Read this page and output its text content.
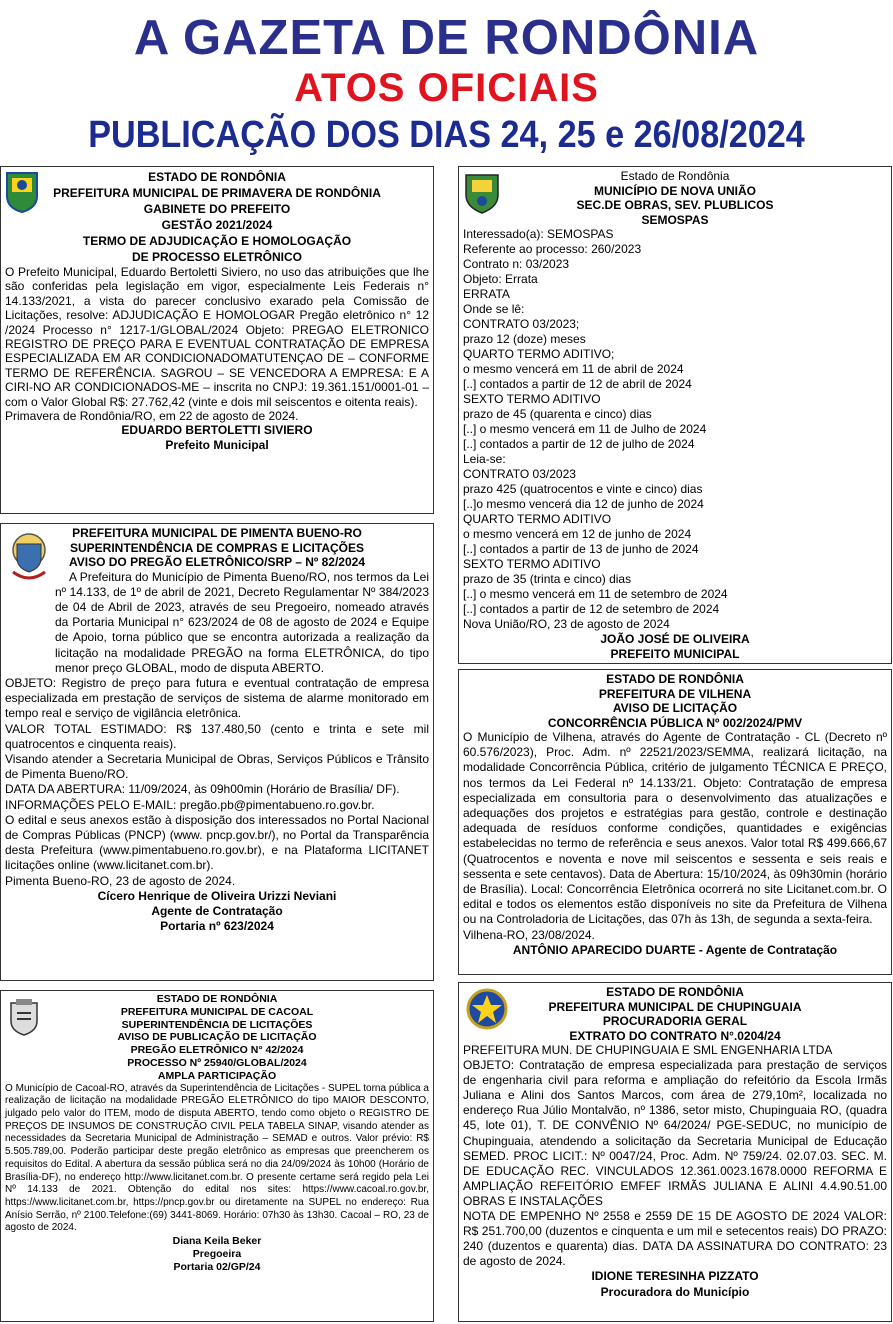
A GAZETA DE RONDÔNIA
ATOS OFICIAIS
PUBLICAÇÃO DOS DIAS 24, 25 e 26/08/2024
ESTADO DE RONDÔNIA
PREFEITURA MUNICIPAL DE PRIMAVERA DE RONDÔNIA
GABINETE DO PREFEITO
GESTÃO 2021/2024
TERMO DE ADJUDICAÇÃO E HOMOLOGAÇÃO
DE PROCESSO ELETRÔNICO

O Prefeito Municipal, Eduardo Bertoletti Siviero, no uso das atribuições que lhe são conferidas pela legislação em vigor, especialmente Leis Federais n° 14.133/2021, a vista do parecer conclusivo exarado pela Comissão de Licitações, resolve: ADJUDICAÇÃO E HOMOLOGAR Pregão eletrônico n° 12 /2024 Processo n° 1217-1/GLOBAL/2024 Objeto: PREGAO ELETRONICO REGISTRO DE PREÇO PARA E EVENTUAL CONTRATAÇÃO DE EMPRESA ESPECIALIZADA EM AR CONDICIONADOMATUTENÇAO DE – CONFORME TERMO DE REFERÊNCIA. SAGROU – SE VENCEDORA A EMPRESA: E A CIRI-NO AR CONDICIONADOS-ME – inscrita no CNPJ: 19.361.151/0001-01 – com o Valor Global R$: 27.762,42 (vinte e dois mil seiscentos e oitenta reais).

Primavera de Rondônia/RO, em 22 de agosto de 2024.

EDUARDO BERTOLETTI SIVIERO
Prefeito Municipal
PREFEITURA MUNICIPAL DE PIMENTA BUENO-RO
SUPERINTENDÊNCIA DE COMPRAS E LICITAÇÕES
AVISO DO PREGÃO ELETRÔNICO/SRP – Nº 82/2024

A Prefeitura do Município de Pimenta Bueno/RO, nos termos da Lei nº 14.133, de 1º de abril de 2021, Decreto Regulamentar Nº 384/2023 de 04 de Abril de 2023, através de seu Pregoeiro, nomeado através da Portaria Municipal n° 623/2024 de 08 de agosto de 2024 e Equipe de Apoio, torna público que se encontra autorizada a realização da licitação na modalidade PREGÃO na forma ELETRÔNICA, do tipo menor preço GLOBAL, modo de disputa ABERTO.

OBJETO: Registro de preço para futura e eventual contratação de empresa especializada em prestação de serviços de sistema de alarme monitorado em tempo real e serviço de vigilância eletrônica.

VALOR TOTAL ESTIMADO: R$ 137.480,50 (cento e trinta e sete mil quatrocentos e cinquenta reais).

Visando atender a Secretaria Municipal de Obras, Serviços Públicos e Trânsito de Pimenta Bueno/RO.

DATA DA ABERTURA: 11/09/2024, às 09h00min (Horário de Brasília/ DF).

INFORMAÇÕES PELO E-MAIL: pregão.pb@pimentabueno.ro.gov.br.

O edital e seus anexos estão à disposição dos interessados no Portal Nacional de Compras Públicas (PNCP) (www. pncp.gov.br/), no Portal da Transparência desta Prefeitura (www.pimentabueno.ro.gov.br), e na Plataforma LICITANET licitações online (www.licitanet.com.br).

Pimenta Bueno-RO, 23 de agosto de 2024.

Cícero Henrique de Oliveira Urizzi Neviani
Agente de Contratação
Portaria nº 623/2024
ESTADO DE RONDÔNIA
PREFEITURA MUNICIPAL DE CACOAL
SUPERINTENDÊNCIA DE LICITAÇÕES
AVISO DE PUBLICAÇÃO DE LICITAÇÃO
PREGÃO ELETRÔNICO N° 42/2024
PROCESSO Nº 25940/GLOBAL/2024
AMPLA PARTICIPAÇÃO

O Município de Cacoal-RO, através da Superintendência de Licitações - SUPEL torna pública a realização de licitação na modalidade PREGÃO ELETRÔNICO do tipo MAIOR DESCONTO, julgado pelo valor do ITEM, modo de disputa ABERTO, tendo como objeto o REGISTRO DE PREÇOS DE INSUMOS DE CONSTRUÇÃO CIVIL PELA TABELA SINAP, visando atender as necessidades da Secretaria Municipal de Administração – SEMAD e outros. Valor prévio: R$ 5.505.789,00. Poderão participar deste pregão eletrônico as empresas que preencherem os requisitos do Edital. A abertura da sessão pública será no dia 24/09/2024 às 10h00 (Horário de Brasília-DF), no endereço http://www.licitanet.com.br. O presente certame será regido pela Lei Nº 14.133 de 2021. Obtenção do edital nos sites: https://www.cacoal.ro.gov.br, https://www.licitanet.com.br, https://pncp.gov.br ou diretamente na SUPEL no endereço: Rua Anísio Serrão, nº 2100.Telefone:(69) 3441-8069. Horário: 07h30 às 13h30. Cacoal – RO, 23 de agosto de 2024.

Diana Keila Beker
Pregoeira
Portaria 02/GP/24
Estado de Rondônia
MUNICÍPIO DE NOVA UNIÃO
SEC.DE OBRAS, SEV. PLUBLICOS
SEMOSPAS
Interessado(a): SEMOSPAS
Referente ao processo: 260/2023
Contrato n: 03/2023
Objeto: Errata
ERRATA
Onde se lê:
CONTRATO 03/2023;
prazo 12 (doze) meses
QUARTO TERMO ADITIVO;
o mesmo vencerá em 11 de abril de 2024
[..] contados a partir de 12 de abril de 2024
SEXTO TERMO ADITIVO
prazo de 45 (quarenta e cinco) dias
[..] o mesmo vencerá em 11 de Julho de 2024
[..] contados a partir de 12 de julho de 2024
Leia-se:
CONTRATO 03/2023
prazo 425 (quatrocentos e vinte e cinco) dias
[..]o mesmo vencerá dia 12 de junho de 2024
QUARTO TERMO ADITIVO
o mesmo vencerá em 12 de junho de 2024
[..] contados a partir de 13 de junho de 2024
SEXTO TERMO ADITIVO
prazo de 35 (trinta e cinco) dias
[..] o mesmo vencerá em 11 de setembro de 2024
[..] contados a partir de 12 de setembro de 2024
Nova União/RO, 23 de agosto de 2024
JOÃO JOSÉ DE OLIVEIRA
PREFEITO MUNICIPAL
ESTADO DE RONDÔNIA
PREFEITURA DE VILHENA
AVISO DE LICITAÇÃO
CONCORRÊNCIA PÚBLICA Nº 002/2024/PMV

O Município de Vilhena, através do Agente de Contratação - CL (Decreto nº 60.576/2023), Proc. Adm. nº 22521/2023/SEMMA, realizará licitação, na modalidade Concorrência Pública, critério de julgamento TÉCNICA E PREÇO, nos termos da Lei Federal nº 14.133/21. Objeto: Contratação de empresa especializada em consultoria para o desenvolvimento das atualizações e adequações dos projetos e estratégias para gestão, controle e destinação adequada de resíduos conforme condições, quantidades e exigências estabelecidas no termo de referência e seus anexos. Valor total R$ 499.666,67 (Quatrocentos e noventa e nove mil seiscentos e sessenta e seis reais e sessenta e sete centavos). Data de Abertura: 15/10/2024, às 09h30min (horário de Brasília). Local: Concorrência Eletrônica ocorrerá no site Licitanet.com.br. O edital e todos os elementos estão disponíveis no site da Prefeitura de Vilhena ou na Controladoria de Licitações, das 07h às 13h, de segunda a sexta-feira.

Vilhena-RO, 23/08/2024.

ANTÔNIO APARECIDO DUARTE - Agente de Contratação
ESTADO DE RONDÔNIA
PREFEITURA MUNICIPAL DE CHUPINGUAIA
PROCURADORIA GERAL
EXTRATO DO CONTRATO N°.0204/24

PREFEITURA MUN. DE CHUPINGUAIA E SML ENGENHARIA LTDA

OBJETO: Contratação de empresa especializada para prestação de serviços de engenharia civil para reforma e ampliação do refeitório da Escola Irmãs Juliana e Alini dos Santos Marcos, com área de 279,10m², localizada no endereço Rua Júlio Montalvão, nº 1386, setor misto, Chupinguaia RO, (quadra 45, lote 01), T. DE CONVÊNIO Nº 64/2024/ PGE-SEDUC, no município de Chupinguaia, atendendo a solicitação da Secretaria Municipal de Educação SEMED. PROC LICIT.: Nº 0047/24, Proc. Adm. Nº 759/24. 02.07.03. SEC. M. DE EDUCAÇÃO REC. VINCULADOS 12.361.0023.1678.0000 REFORMA E AMPLIAÇÃO REFEITÓRIO EMFEF IRMÃS JULIANA E ALINI 4.4.90.51.00 OBRAS E INSTALAÇÕES

NOTA DE EMPENHO Nº 2558 e 2559 DE 15 DE AGOSTO DE 2024 VALOR: R$ 251.700,00 (duzentos e cinquenta e um mil e setecentos reais) DO PRAZO: 240 (duzentos e quarenta) dias. DATA DA ASSINATURA DO CONTRATO: 23 de agosto de 2024.

IDIONE TERESINHA PIZZATO
Procuradora do Município
